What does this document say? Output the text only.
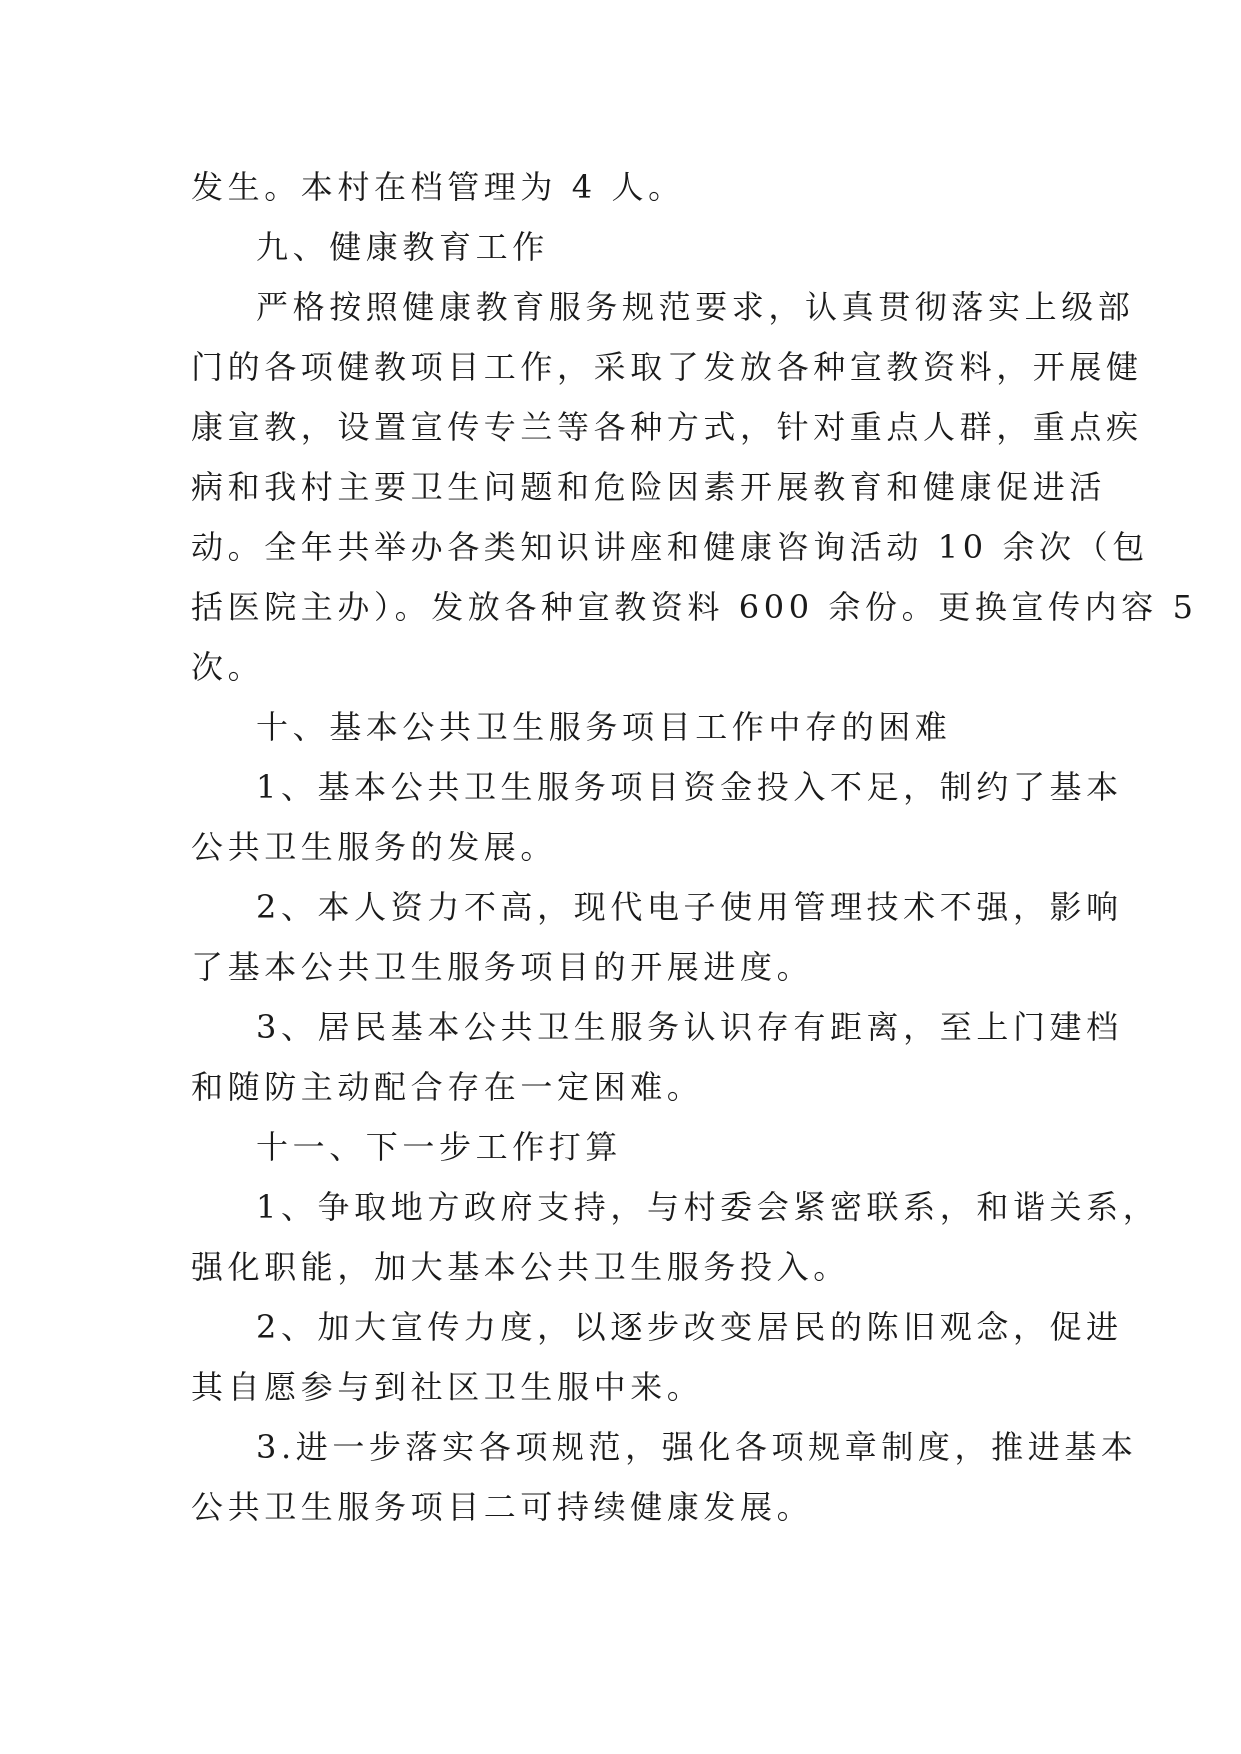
发生。本村在档管理为 4 人。
九、健康教育工作
严格按照健康教育服务规范要求，认真贯彻落实上级部
门的各项健教项目工作，采取了发放各种宣教资料，开展健
康宣教，设置宣传专兰等各种方式，针对重点人群，重点疾
病和我村主要卫生问题和危险因素开展教育和健康促进活
动。全年共举办各类知识讲座和健康咨询活动 10 余次（包
括医院主办）。发放各种宣教资料 600 余份。更换宣传内容 5
次。
十、基本公共卫生服务项目工作中存的困难
1、基本公共卫生服务项目资金投入不足，制约了基本
公共卫生服务的发展。
2、本人资力不高，现代电子使用管理技术不强，影响
了基本公共卫生服务项目的开展进度。
3、居民基本公共卫生服务认识存有距离，至上门建档
和随防主动配合存在一定困难。
十一、下一步工作打算
1、争取地方政府支持，与村委会紧密联系，和谐关系，
强化职能，加大基本公共卫生服务投入。
2、加大宣传力度，以逐步改变居民的陈旧观念，促进
其自愿参与到社区卫生服中来。
3.进一步落实各项规范，强化各项规章制度，推进基本
公共卫生服务项目二可持续健康发展。
